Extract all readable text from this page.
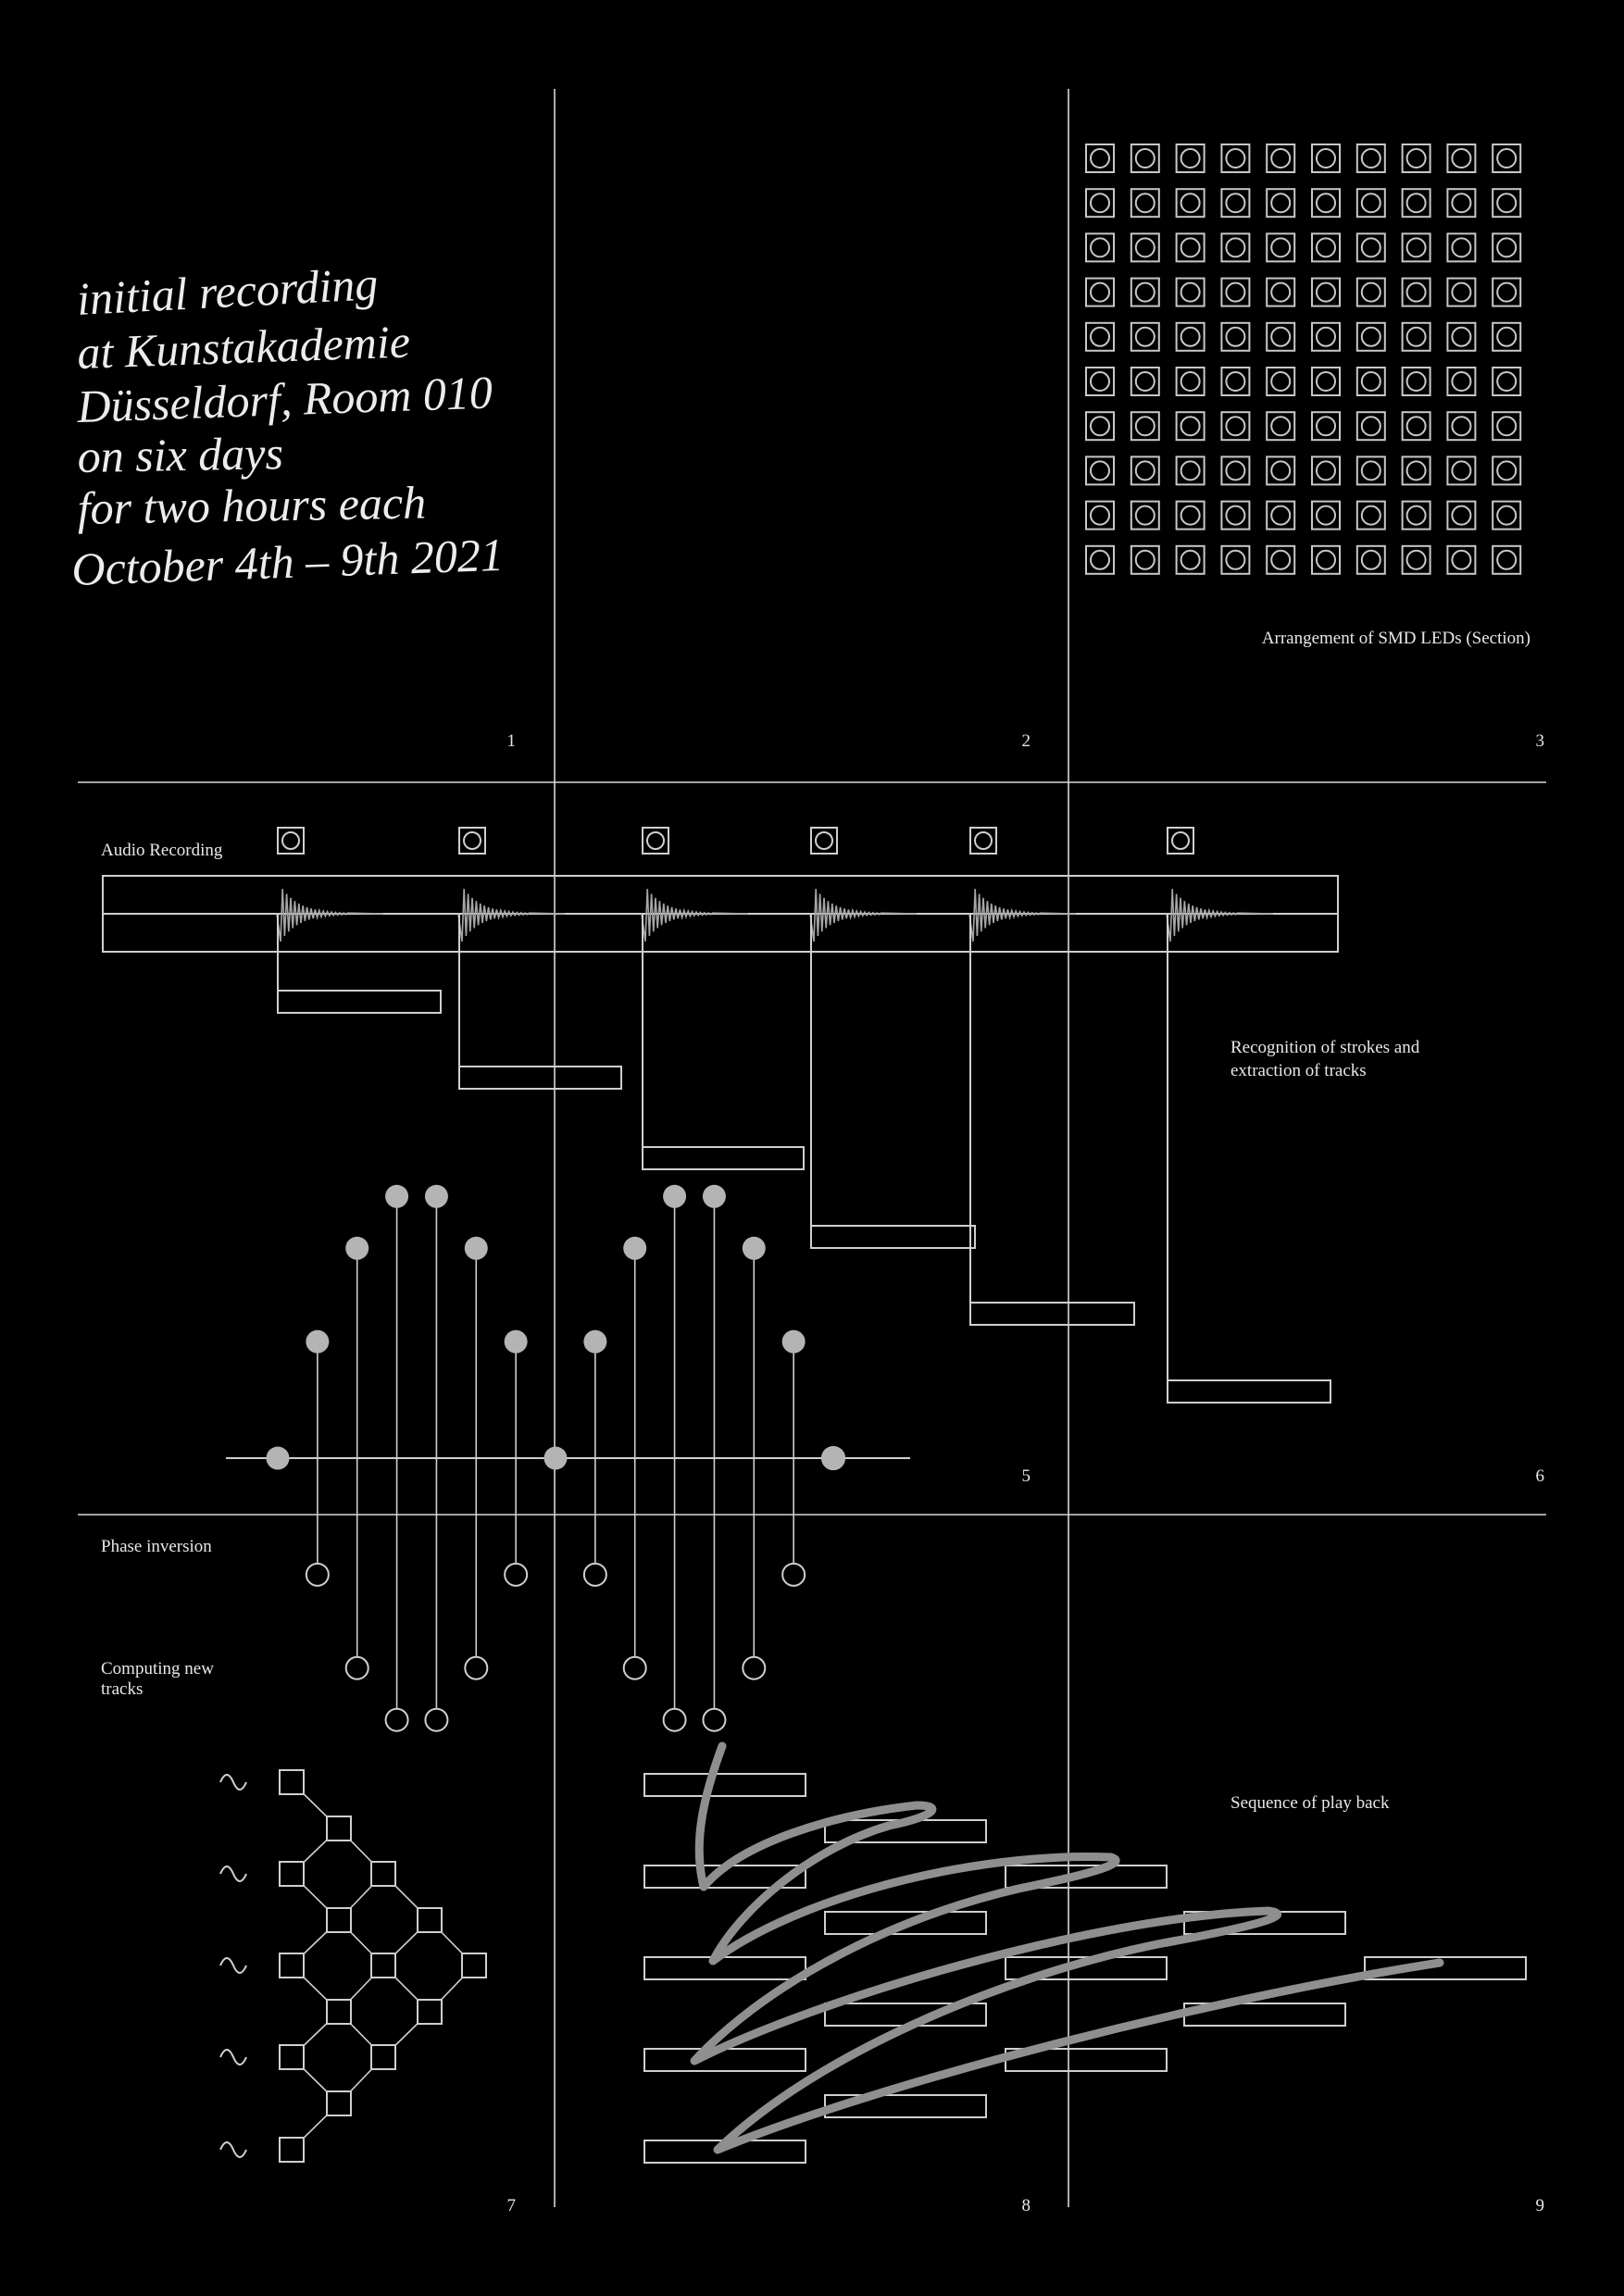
initial recording
at Kunstakademie
Düsseldorf, Room 010
on six days
for two hours each
October 4th – 9th 2021
Arrangement of SMD LEDs (Section)
Audio Recording
Recognition of strokes and
extraction of tracks
Phase inversion
Computing new
tracks
Sequence of play back
1	2	3
5	6
7	8	9
